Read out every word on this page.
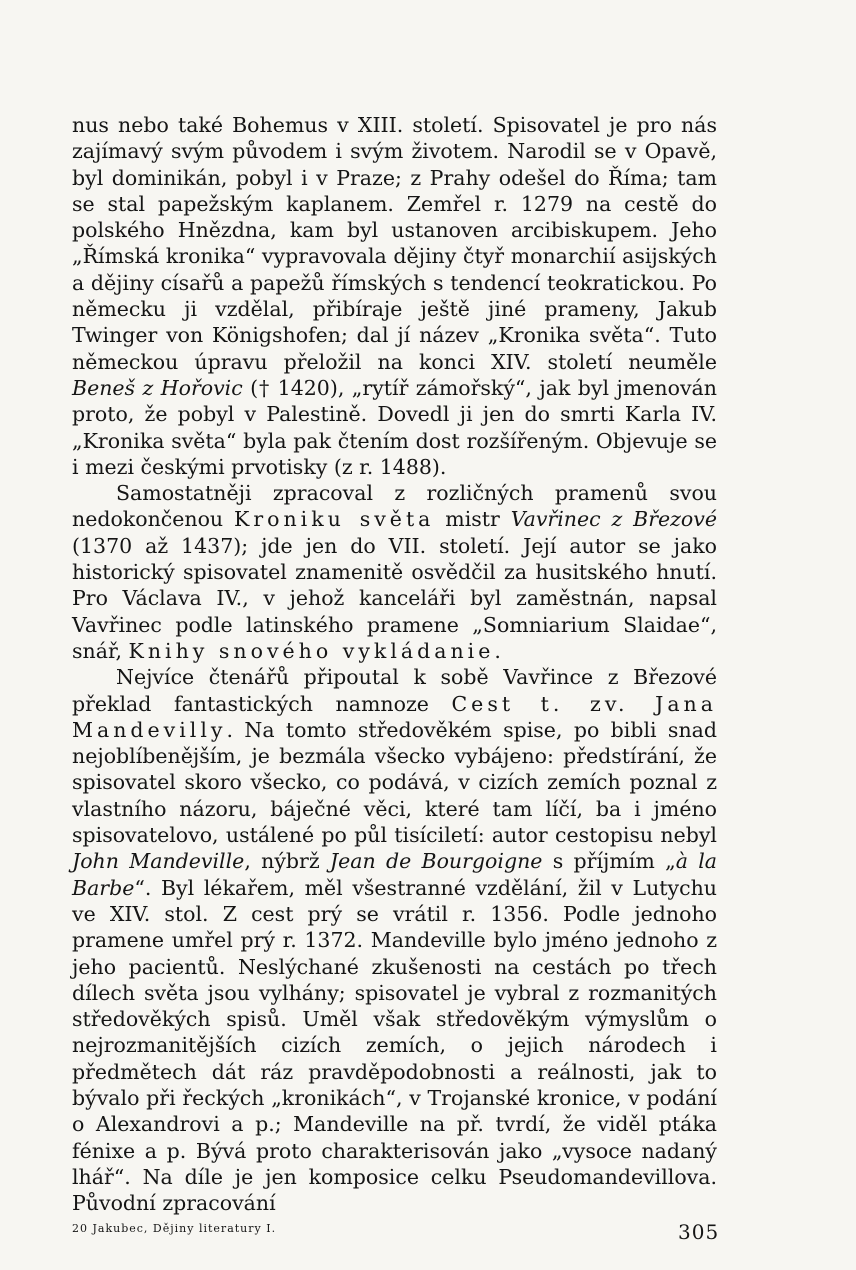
nus nebo také Bohemus v XIII. století. Spisovatel je pro nás zajímavý svým původem i svým životem. Narodil se v Opavě, byl dominikán, pobyl i v Praze; z Prahy odešel do Říma; tam se stal papežským kaplanem. Zemřel r. 1279 na cestě do polského Hnězdna, kam byl ustanoven arcibiskupem. Jeho „Římská kronika“ vypravovala dějiny čtyř monarchií asijských a dějiny císařů a papežů římských s tendencí teokratickou. Po německu ji vzdělal, přibíraje ještě jiné prameny, Jakub Twinger von Königshofen; dal jí název „Kronika světa“. Tuto německou úpravu přeložil na konci XIV. století neuměle Beneš z Hořovic († 1420), „rytíř zámořský“, jak byl jmenován proto, že pobyl v Palestině. Dovedl ji jen do smrti Karla IV. „Kronika světa“ byla pak čtením dost rozšířeným. Objevuje se i mezi českými prvotisky (z r. 1488).

Samostatněji zpracoval z rozličných pramenů svou nedokončenou Kroniku světa mistr Vavřinec z Březové (1370 až 1437); jde jen do VII. století. Její autor se jako historický spisovatel znamenitě osvědčil za husitského hnutí. Pro Václava IV., v jehož kanceláři byl zaměstnán, napsal Vavřinec podle latinského pramene „Somniarium Slaidae“, snář, Knihy snového vykládanie.

Nejvíce čtenářů připoutal k sobě Vavřince z Březové překlad fantastických namnoze Cest t. zv. Jana Mandevilly. Na tomto středověkém spise, po bibli snad nejoblíbenějším, je bezmála všecko vybájeno: předstírání, že spisovatel skoro všecko, co podává, v cizích zemích poznal z vlastního názoru, báječné věci, které tam líčí, ba i jméno spisovatelovo, ustálené po půl tisíciletí: autor cestopisu nebyl John Mandeville, nýbrž Jean de Bourgoigne s příjmím „à la Barbe“. Byl lékařem, měl všestranné vzdělání, žil v Lutychu ve XIV. stol. Z cest prý se vrátil r. 1356. Podle jednoho pramene umřel prý r. 1372. Mandeville bylo jméno jednoho z jeho pacientů. Neslýchané zkušenosti na cestách po třech dílech světa jsou vylhány; spisovatel je vybral z rozmanitých středověkých spisů. Uměl však středověkým výmyslům o nejrozmanitějších cizích zemích, o jejich národech i předmětech dát ráz pravděpodobnosti a reálnosti, jak to bývalo při řeckých „kronikách“, v Trojanské kronice, v podání o Alexandrovi a p.; Mandeville na př. tvrdí, že viděl ptáka fénixe a p. Bývá proto charakterisován jako „vysoce nadaný lhář“. Na díle je jen komposice celku Pseudomandevillova. Původní zpracování

20 Jakubec, Dějiny literatury I.	305
